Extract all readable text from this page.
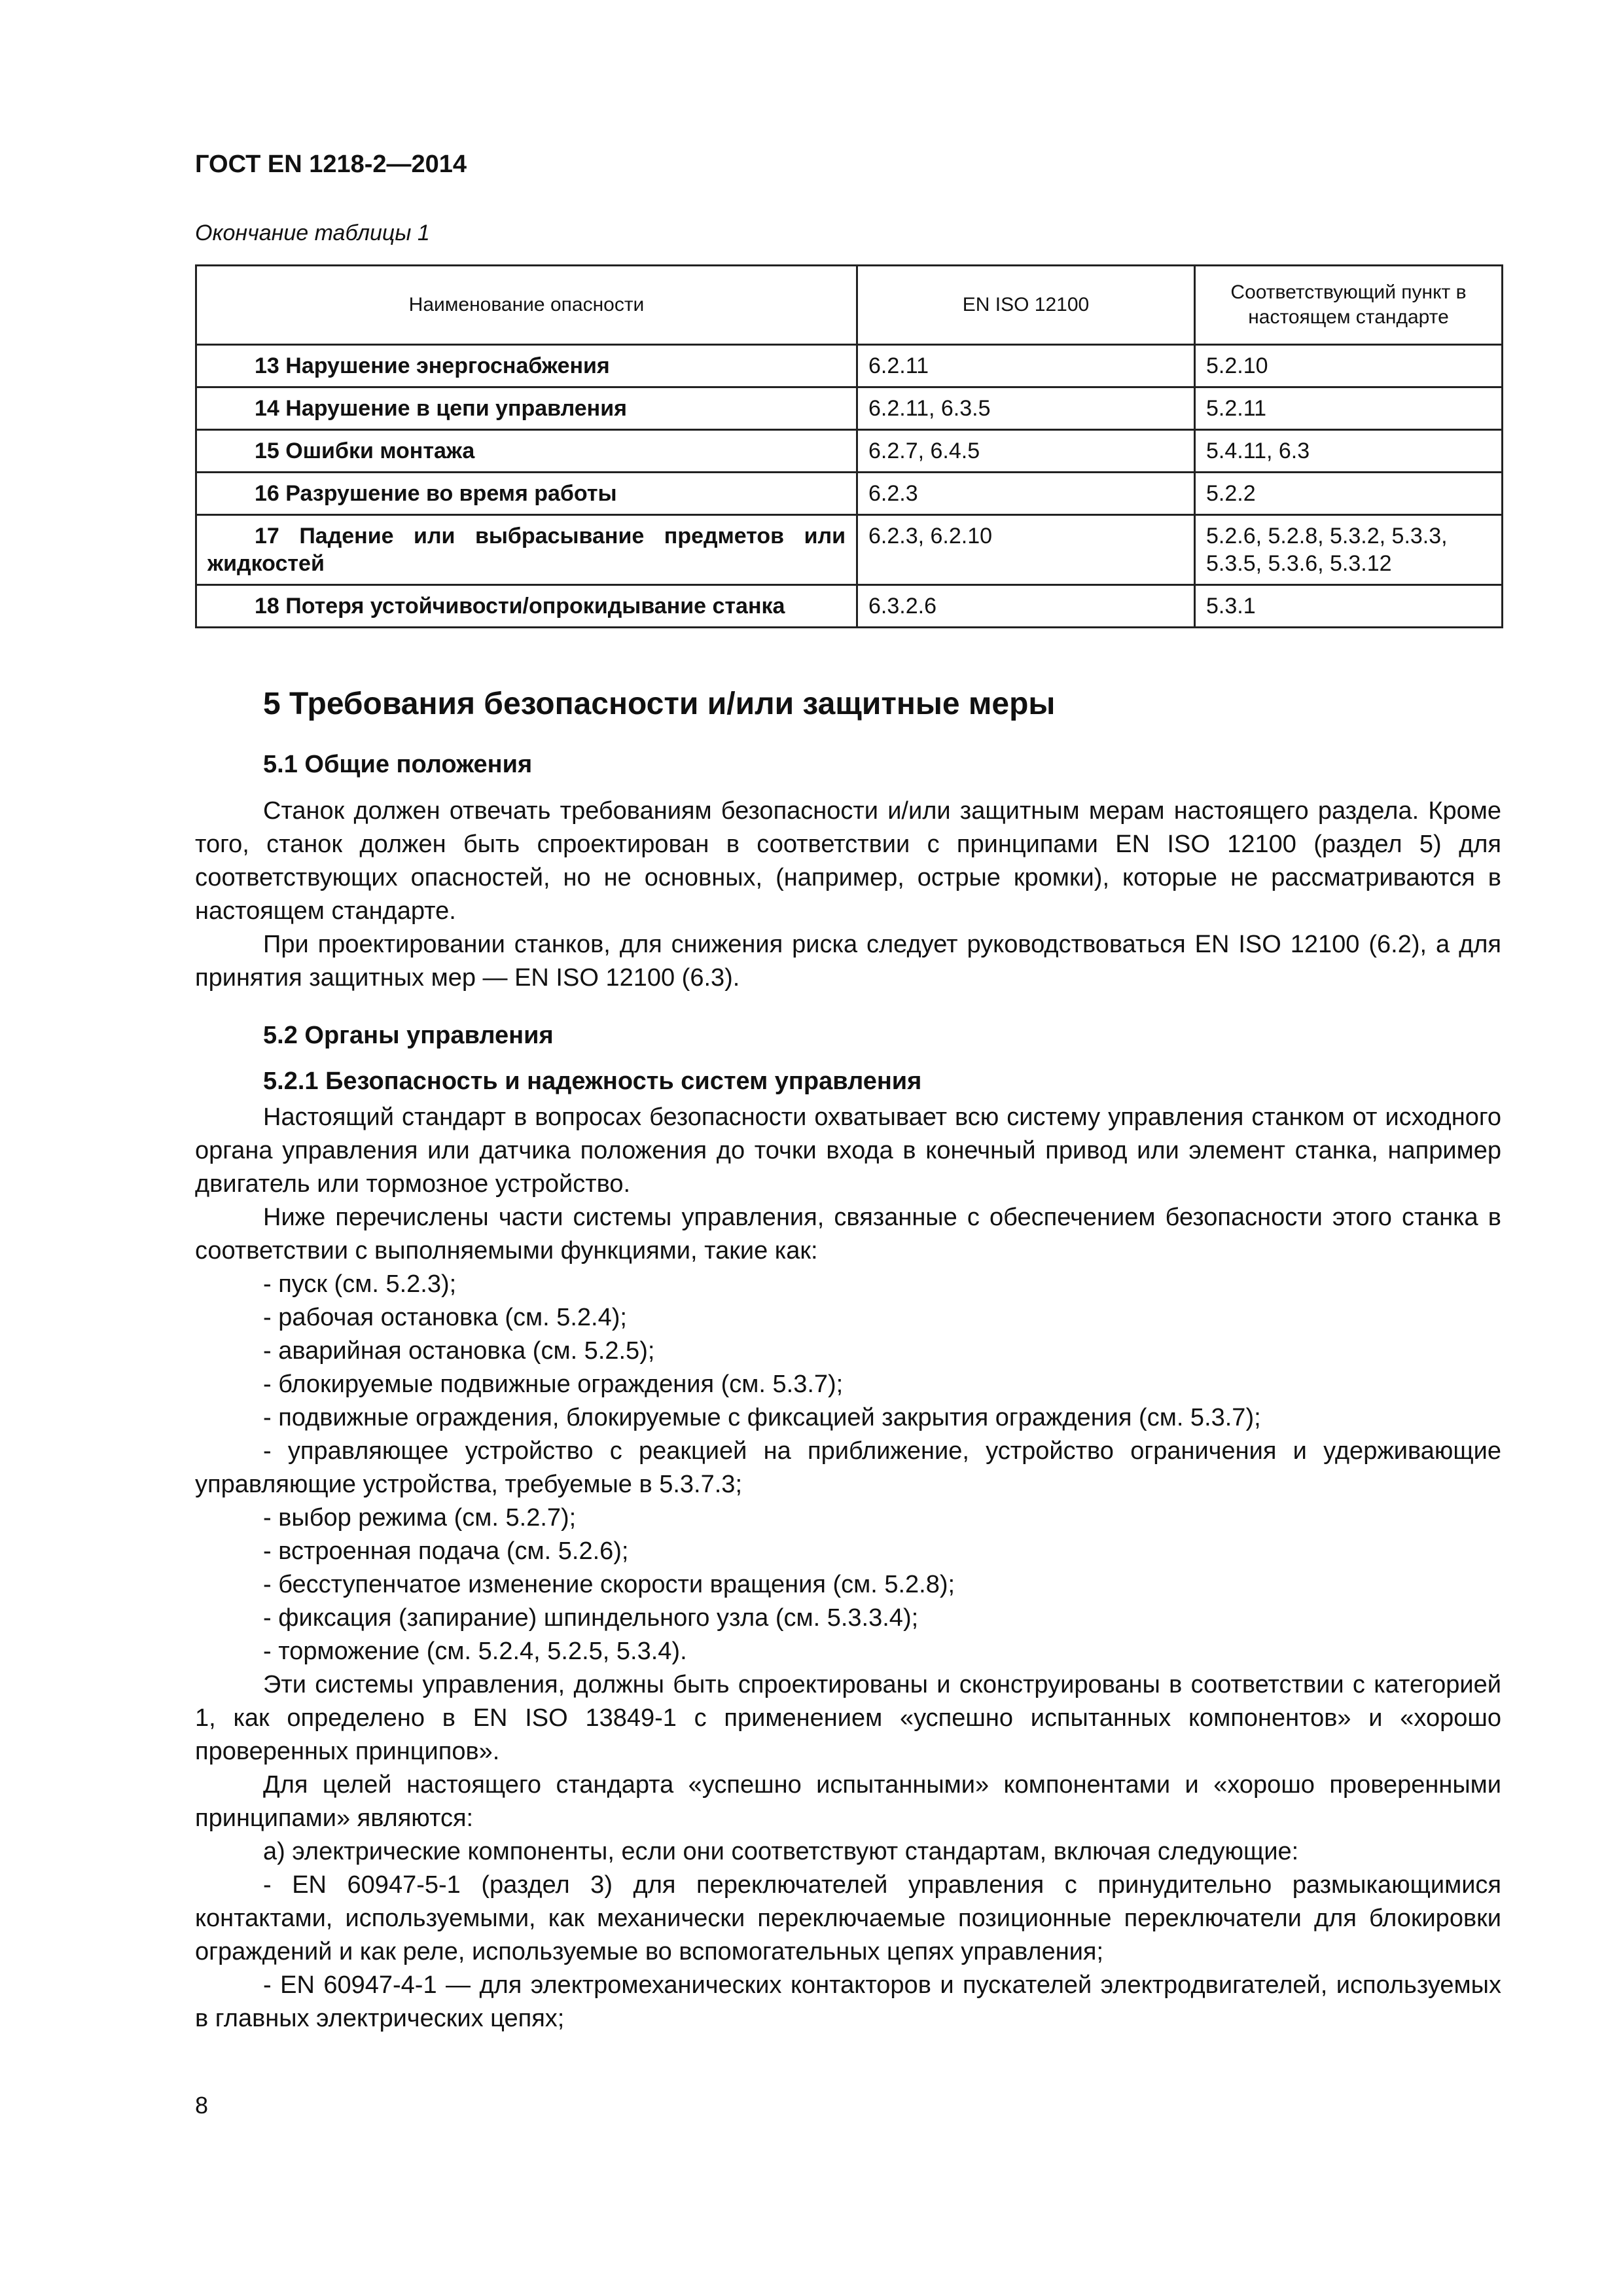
ГОСТ EN 1218-2—2014
Окончание таблицы 1
Наименование опасности	EN ISO 12100	Соответствующий пункт в настоящем стандарте
13 Нарушение энергоснабжения	6.2.11	5.2.10
14 Нарушение в цепи управления	6.2.11, 6.3.5	5.2.11
15 Ошибки монтажа	6.2.7, 6.4.5	5.4.11, 6.3
16 Разрушение во время работы	6.2.3	5.2.2
17 Падение или выбрасывание предметов или жидкостей	6.2.3, 6.2.10	5.2.6, 5.2.8, 5.3.2, 5.3.3, 5.3.5, 5.3.6, 5.3.12
18 Потеря устойчивости/опрокидывание станка	6.3.2.6	5.3.1
5 Требования безопасности и/или защитные меры
5.1 Общие положения

Станок должен отвечать требованиям безопасности и/или защитным мерам настоящего раздела. Кроме того, станок должен быть спроектирован в соответствии с принципами EN ISO 12100 (раздел 5) для соответствующих опасностей, но не основных, (например, острые кромки), которые не рассматриваются в настоящем стандарте.

При проектировании станков, для снижения риска следует руководствоваться EN ISO 12100 (6.2), а для принятия защитных мер — EN ISO 12100 (6.3).

5.2 Органы управления
5.2.1 Безопасность и надежность систем управления

Настоящий стандарт в вопросах безопасности охватывает всю систему управления станком от исходного органа управления или датчика положения до точки входа в конечный привод или элемент станка, например двигатель или тормозное устройство.

Ниже перечислены части системы управления, связанные с обеспечением безопасности этого станка в соответствии с выполняемыми функциями, такие как:

- пуск (см. 5.2.3);

- рабочая остановка (см. 5.2.4);

- аварийная остановка (см. 5.2.5);

- блокируемые подвижные ограждения (см. 5.3.7);

- подвижные ограждения, блокируемые с фиксацией закрытия ограждения (см. 5.3.7);

- управляющее устройство с реакцией на приближение, устройство ограничения и удерживающие управляющие устройства, требуемые в 5.3.7.3;

- выбор режима (см. 5.2.7);

- встроенная подача (см. 5.2.6);

- бесступенчатое изменение скорости вращения (см. 5.2.8);

- фиксация (запирание) шпиндельного узла (см. 5.3.3.4);

- торможение (см. 5.2.4, 5.2.5, 5.3.4).

Эти системы управления, должны быть спроектированы и сконструированы в соответствии с категорией 1, как определено в EN ISO 13849-1 с применением «успешно испытанных компонентов» и «хорошо проверенных принципов».

Для целей настоящего стандарта «успешно испытанными» компонентами и «хорошо проверенными принципами» являются:

а) электрические компоненты, если они соответствуют стандартам, включая следующие:

- EN 60947-5-1 (раздел 3) для переключателей управления с принудительно размыкающимися контактами, используемыми, как механически переключаемые позиционные переключатели для блокировки ограждений и как реле, используемые во вспомогательных цепях управления;

- EN 60947-4-1 — для электромеханических контакторов и пускателей электродвигателей, используемых в главных электрических цепях;

8
